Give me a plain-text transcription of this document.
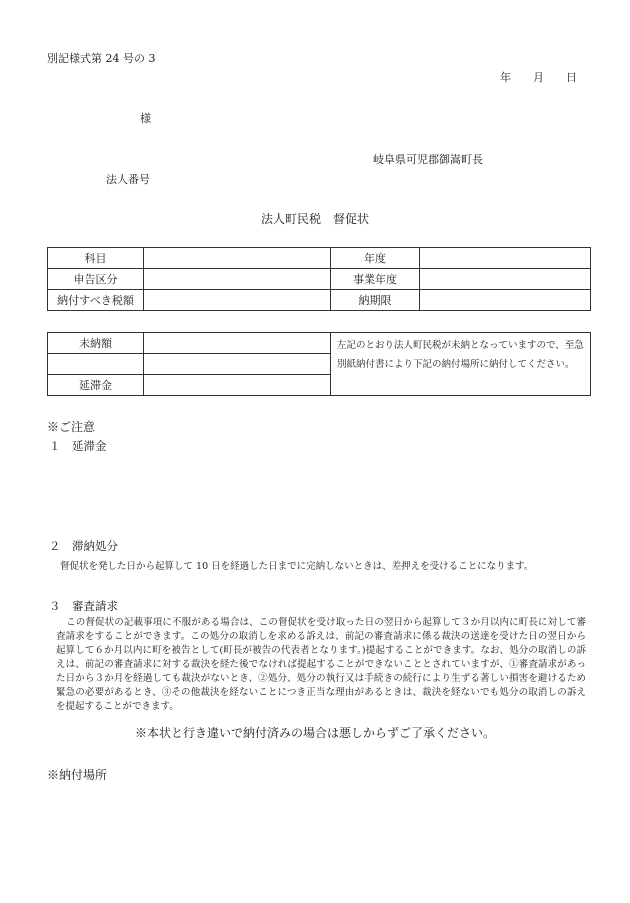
別記様式第 24 号の 3
年 月 日
様
岐阜県可児郡御嵩町長
法人番号
法人町民税　督促状
科目		年度	
申告区分		事業年度	
納付すべき税額		納期限	
未納額		左記のとおり法人町民税が未納となっていますので、至急別紙納付書により下記の納付場所に納付してください。

延滞金		
※ご注意
１　延滞金
２　滞納処分
督促状を発した日から起算して 10 日を経過した日までに完納しないときは、差押えを受けることになります。
３　審査請求
この督促状の記載事項に不服がある場合は、この督促状を受け取った日の翌日から起算して３か月以内に町長に対して審査請求をすることができます。この処分の取消しを求める訴えは、前記の審査請求に係る裁決の送達を受けた日の翌日から起算して６か月以内に町を被告として(町長が被告の代表者となります。)提起することができます。なお、処分の取消しの訴えは、前記の審査請求に対する裁決を経た後でなければ提起することができないこととされていますが、①審査請求があった日から３か月を経過しても裁決がないとき、②処分、処分の執行又は手続きの続行により生ずる著しい損害を避けるため緊急の必要があるとき、③その他裁決を経ないことにつき正当な理由があるときは、裁決を経ないでも処分の取消しの訴えを提起することができます。
※本状と行き違いで納付済みの場合は悪しからずご了承ください。
※納付場所
